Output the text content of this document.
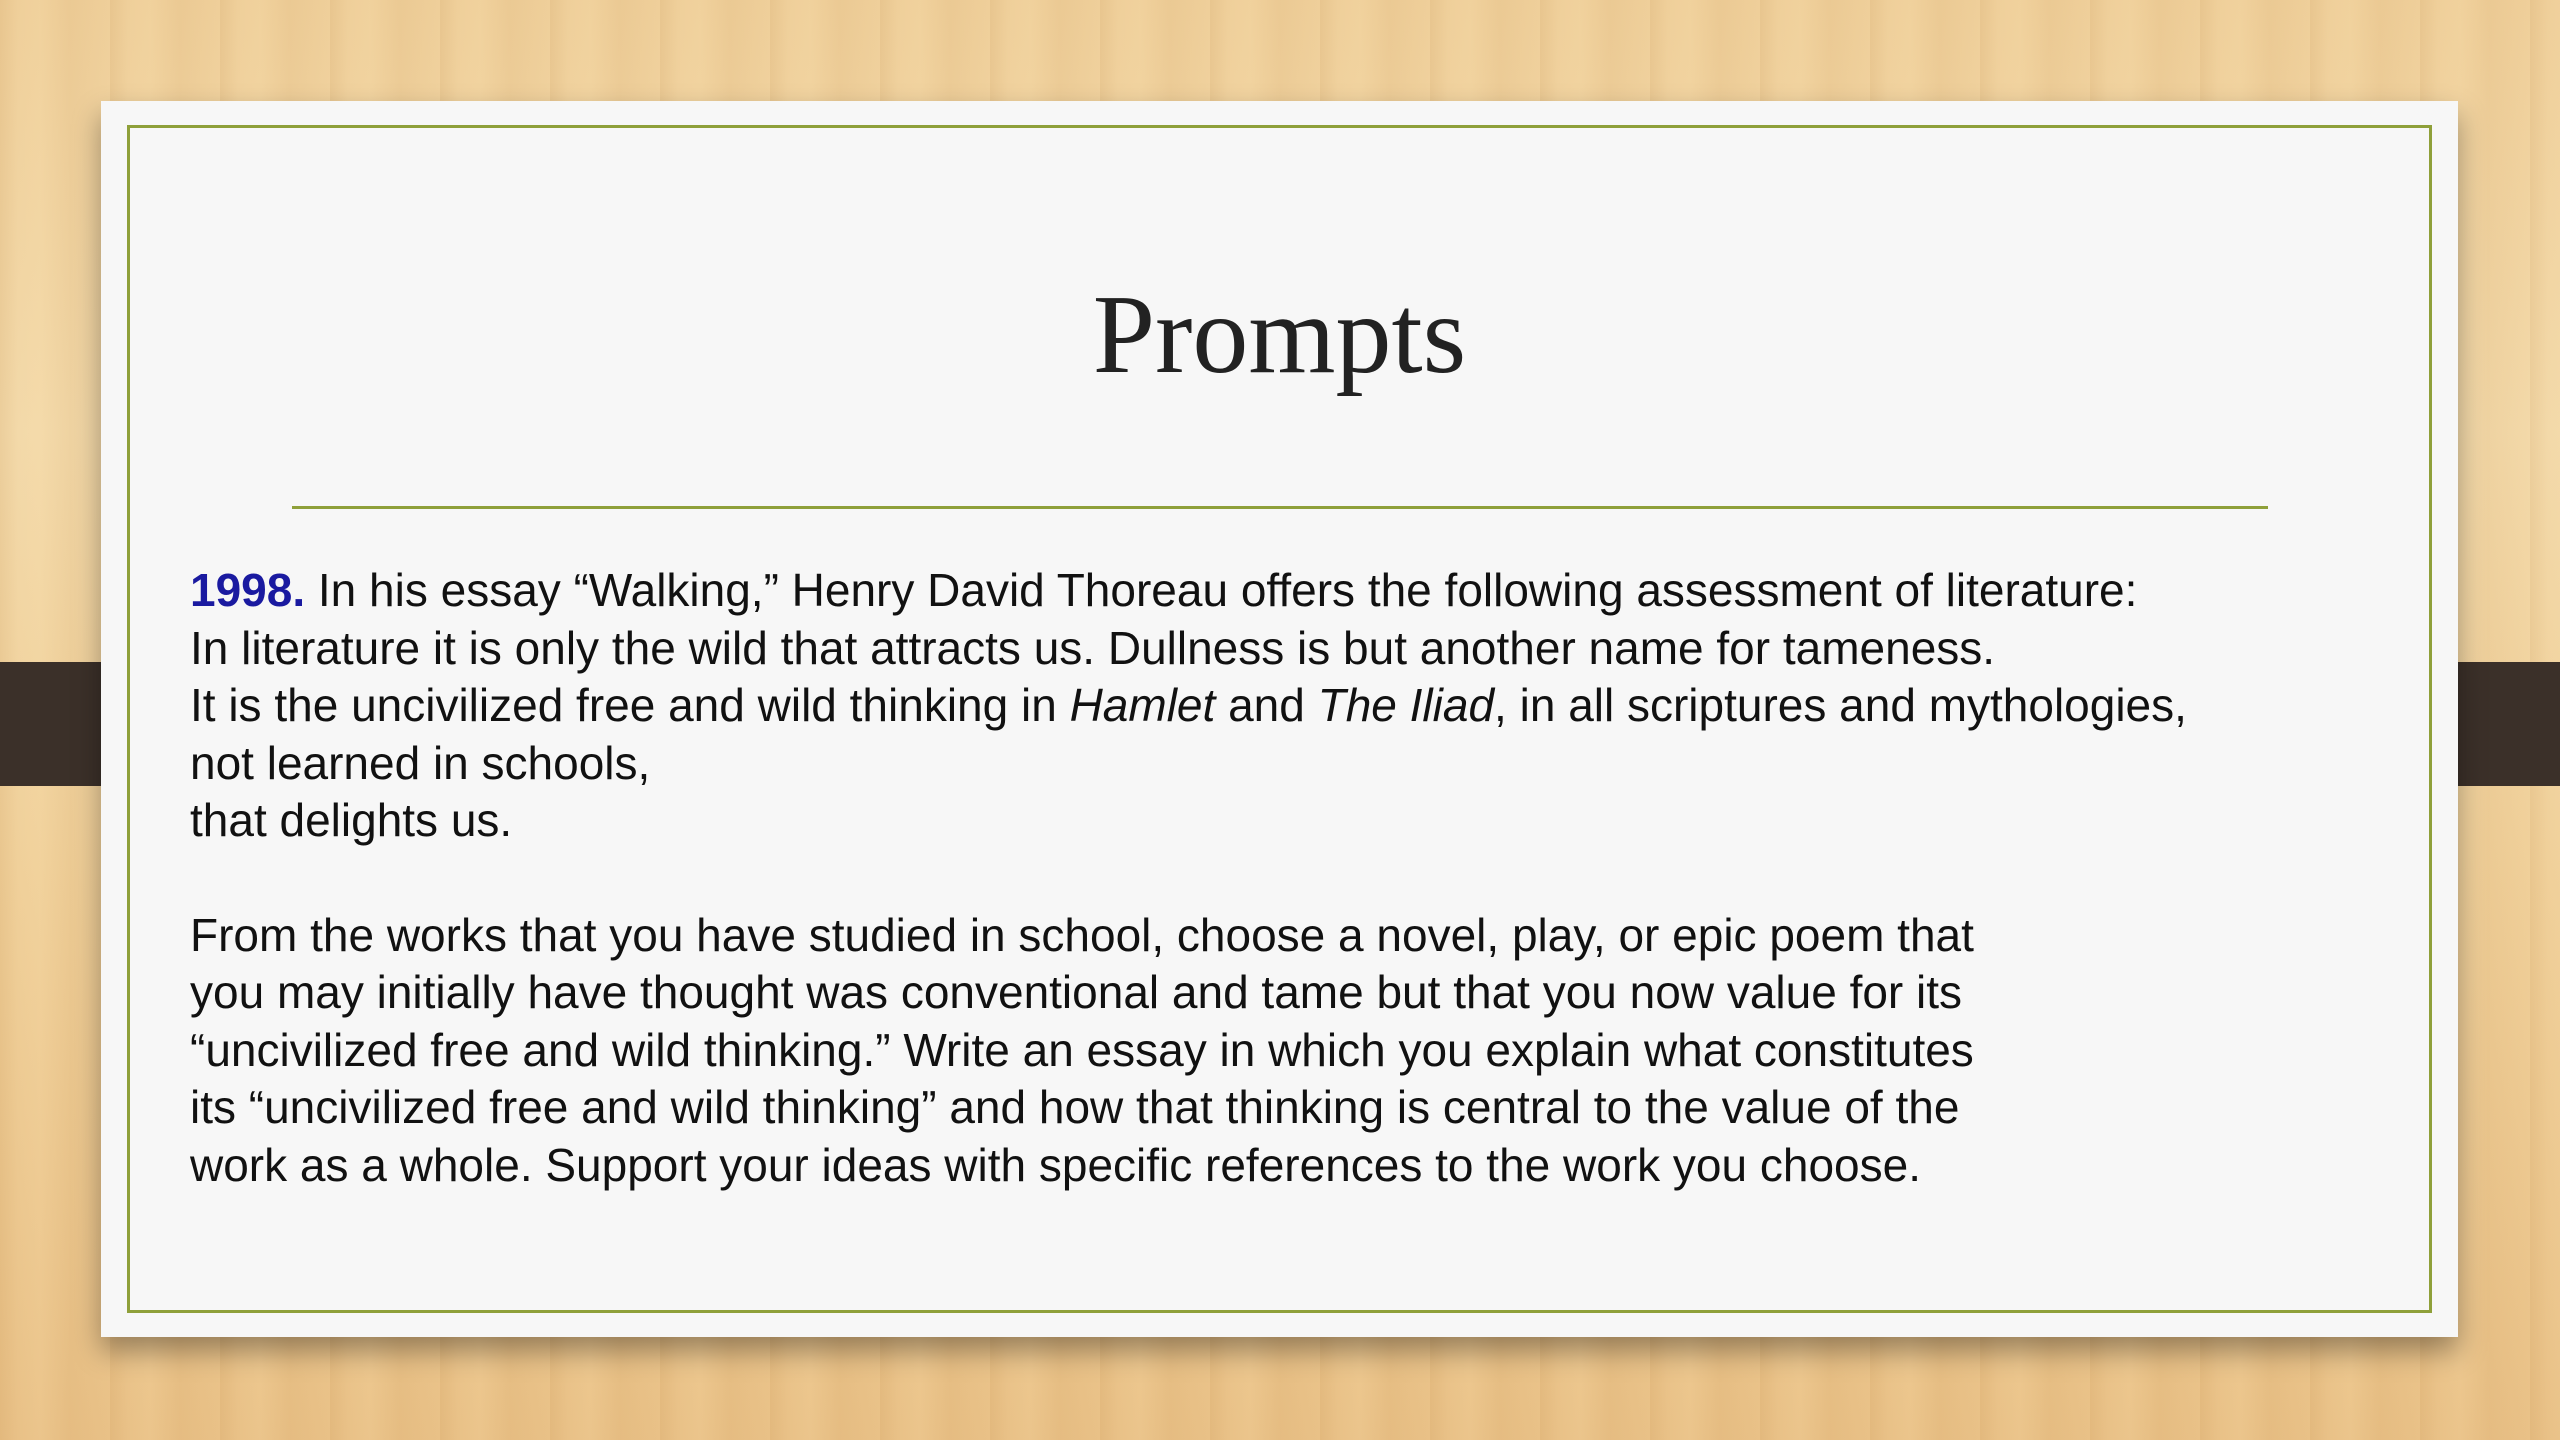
Prompts
1998. In his essay “Walking,” Henry David Thoreau offers the following assessment of literature:
In literature it is only the wild that attracts us. Dullness is but another name for tameness.
It is the uncivilized free and wild thinking in Hamlet and The Iliad, in all scriptures and mythologies,
not learned in schools,
that delights us.
From the works that you have studied in school, choose a novel, play, or epic poem that
you may initially have thought was conventional and tame but that you now value for its
“uncivilized free and wild thinking.” Write an essay in which you explain what constitutes
its “uncivilized free and wild thinking” and how that thinking is central to the value of the
work as a whole. Support your ideas with specific references to the work you choose.
